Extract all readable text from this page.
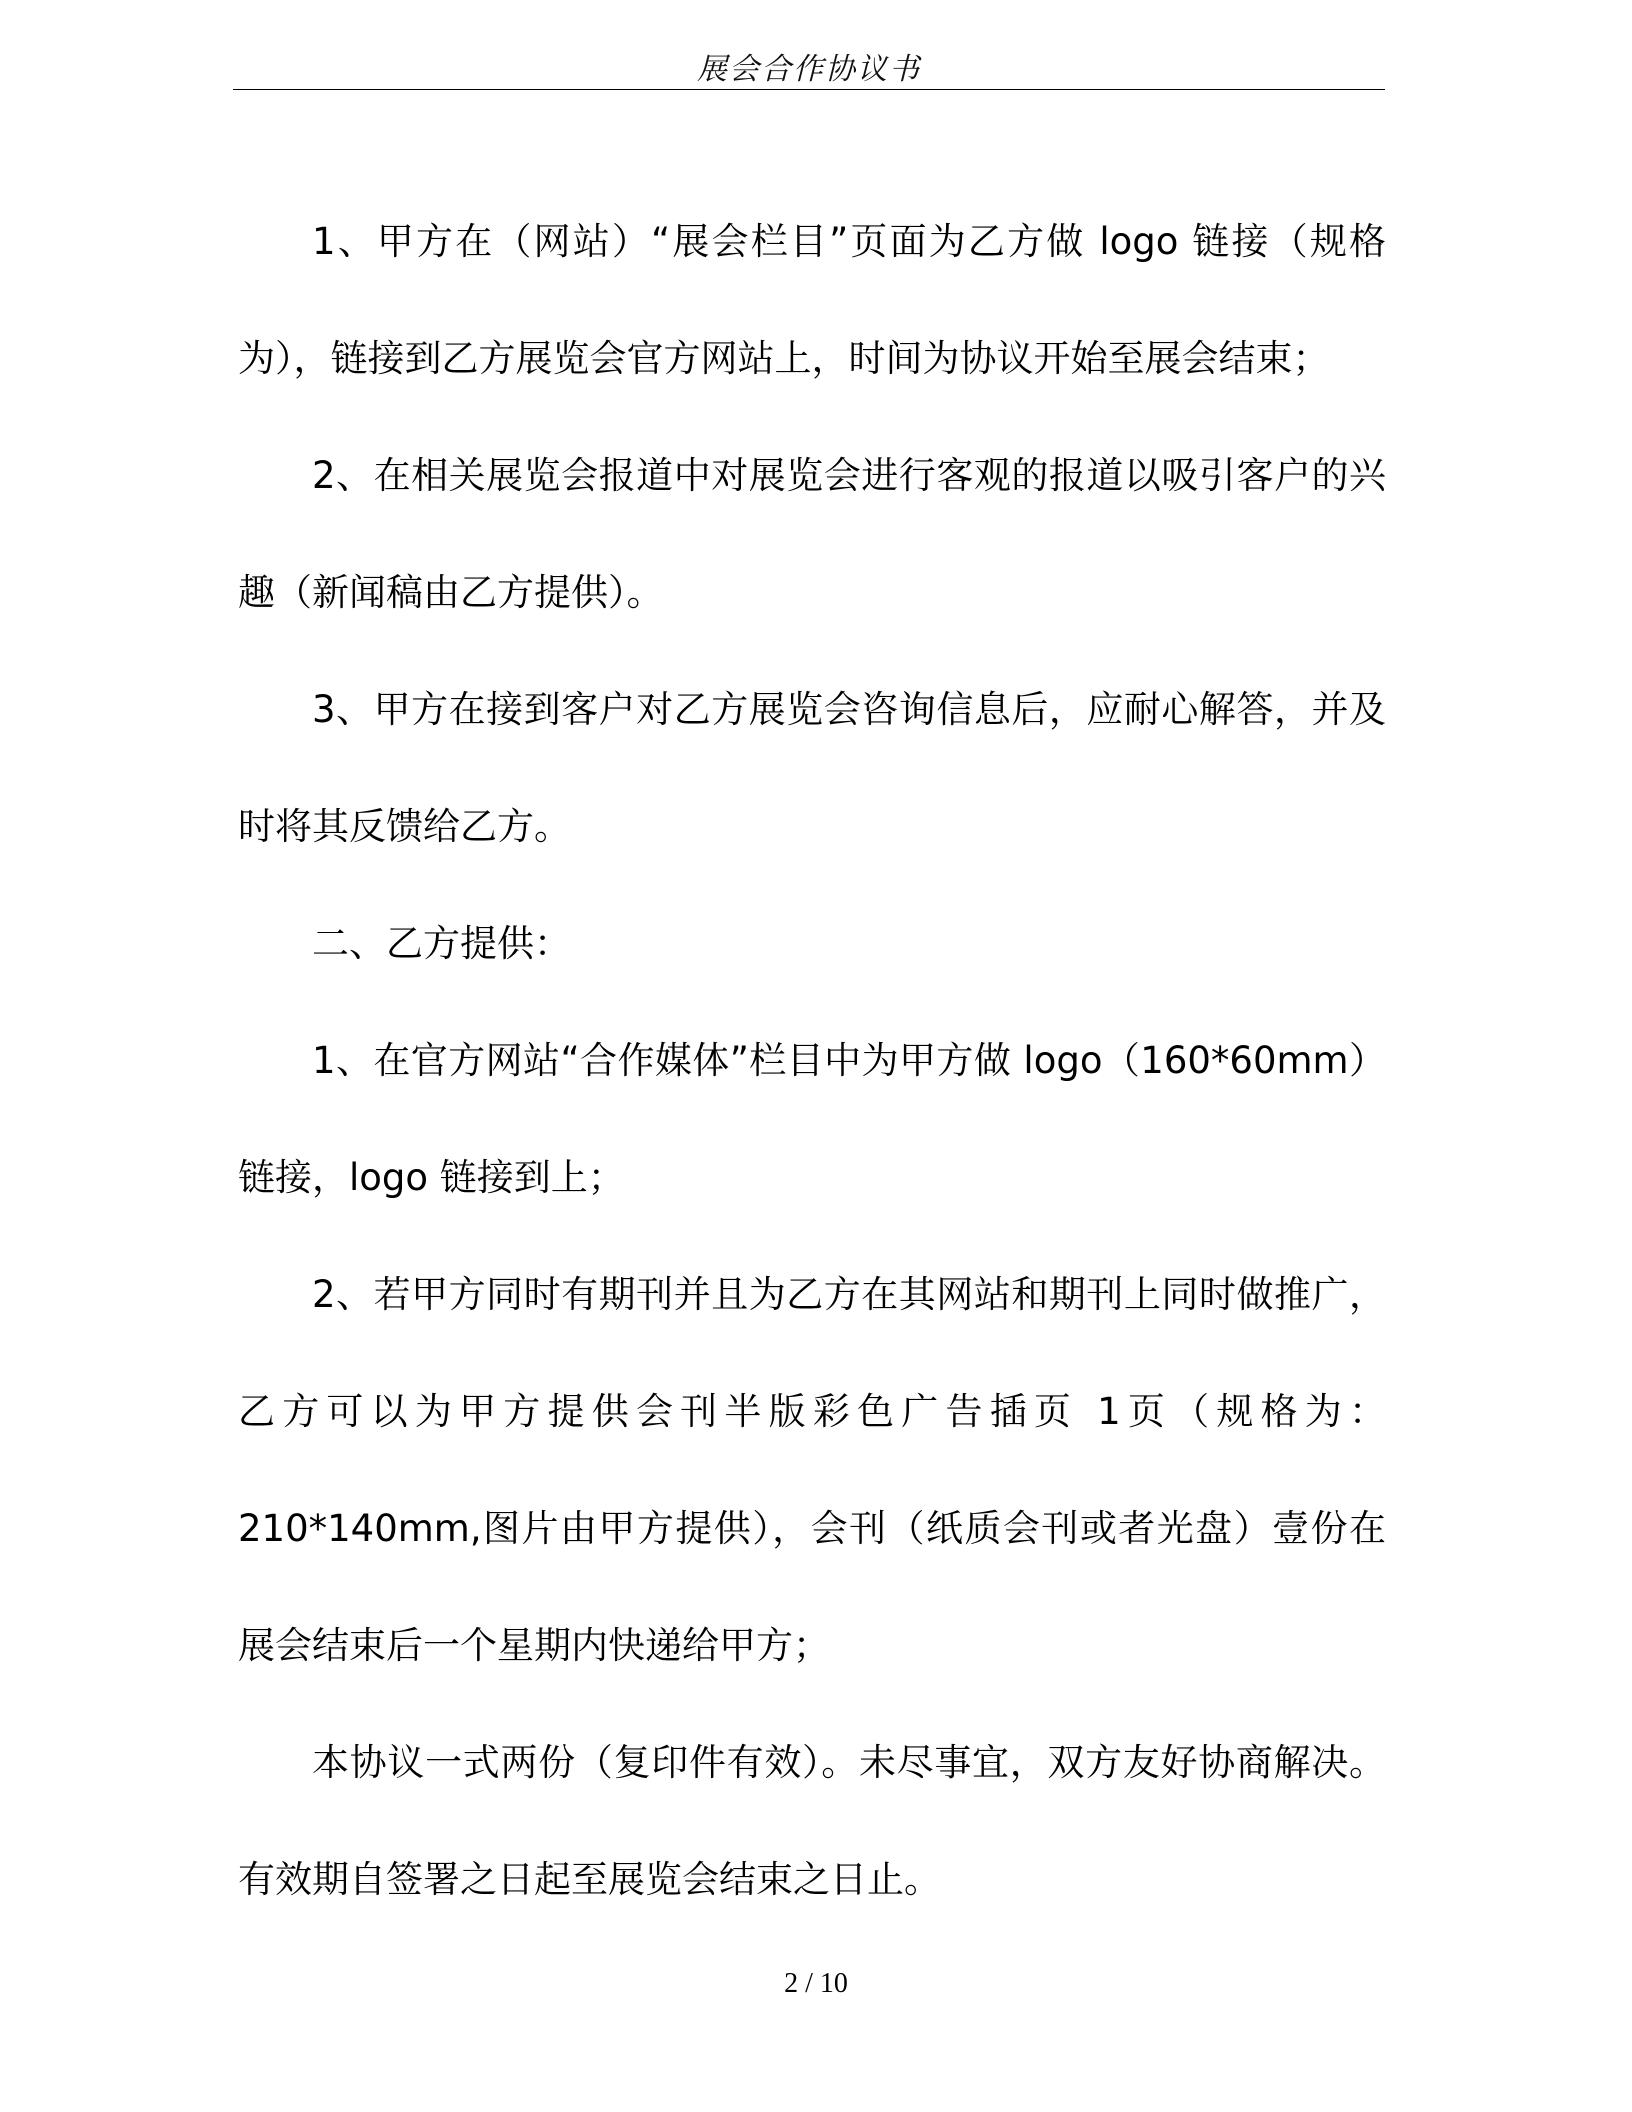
展会合作协议书

1、甲方在（网站）“展会栏目”页面为乙方做 logo 链接（规格为），链接到乙方展览会官方网站上，时间为协议开始至展会结束；

2、在相关展览会报道中对展览会进行客观的报道以吸引客户的兴趣（新闻稿由乙方提供）。

3、甲方在接到客户对乙方展览会咨询信息后，应耐心解答，并及时将其反馈给乙方。

二、乙方提供：

1、在官方网站“合作媒体”栏目中为甲方做 logo（160*60mm）链接，logo 链接到上；

2、若甲方同时有期刊并且为乙方在其网站和期刊上同时做推广，乙方可以为甲方提供会刊半版彩色广告插页 1页（规格为：210*140mm,图片由甲方提供），会刊（纸质会刊或者光盘）壹份在展会结束后一个星期内快递给甲方；

本协议一式两份（复印件有效）。未尽事宜，双方友好协商解决。有效期自签署之日起至展览会结束之日止。

2 / 10
